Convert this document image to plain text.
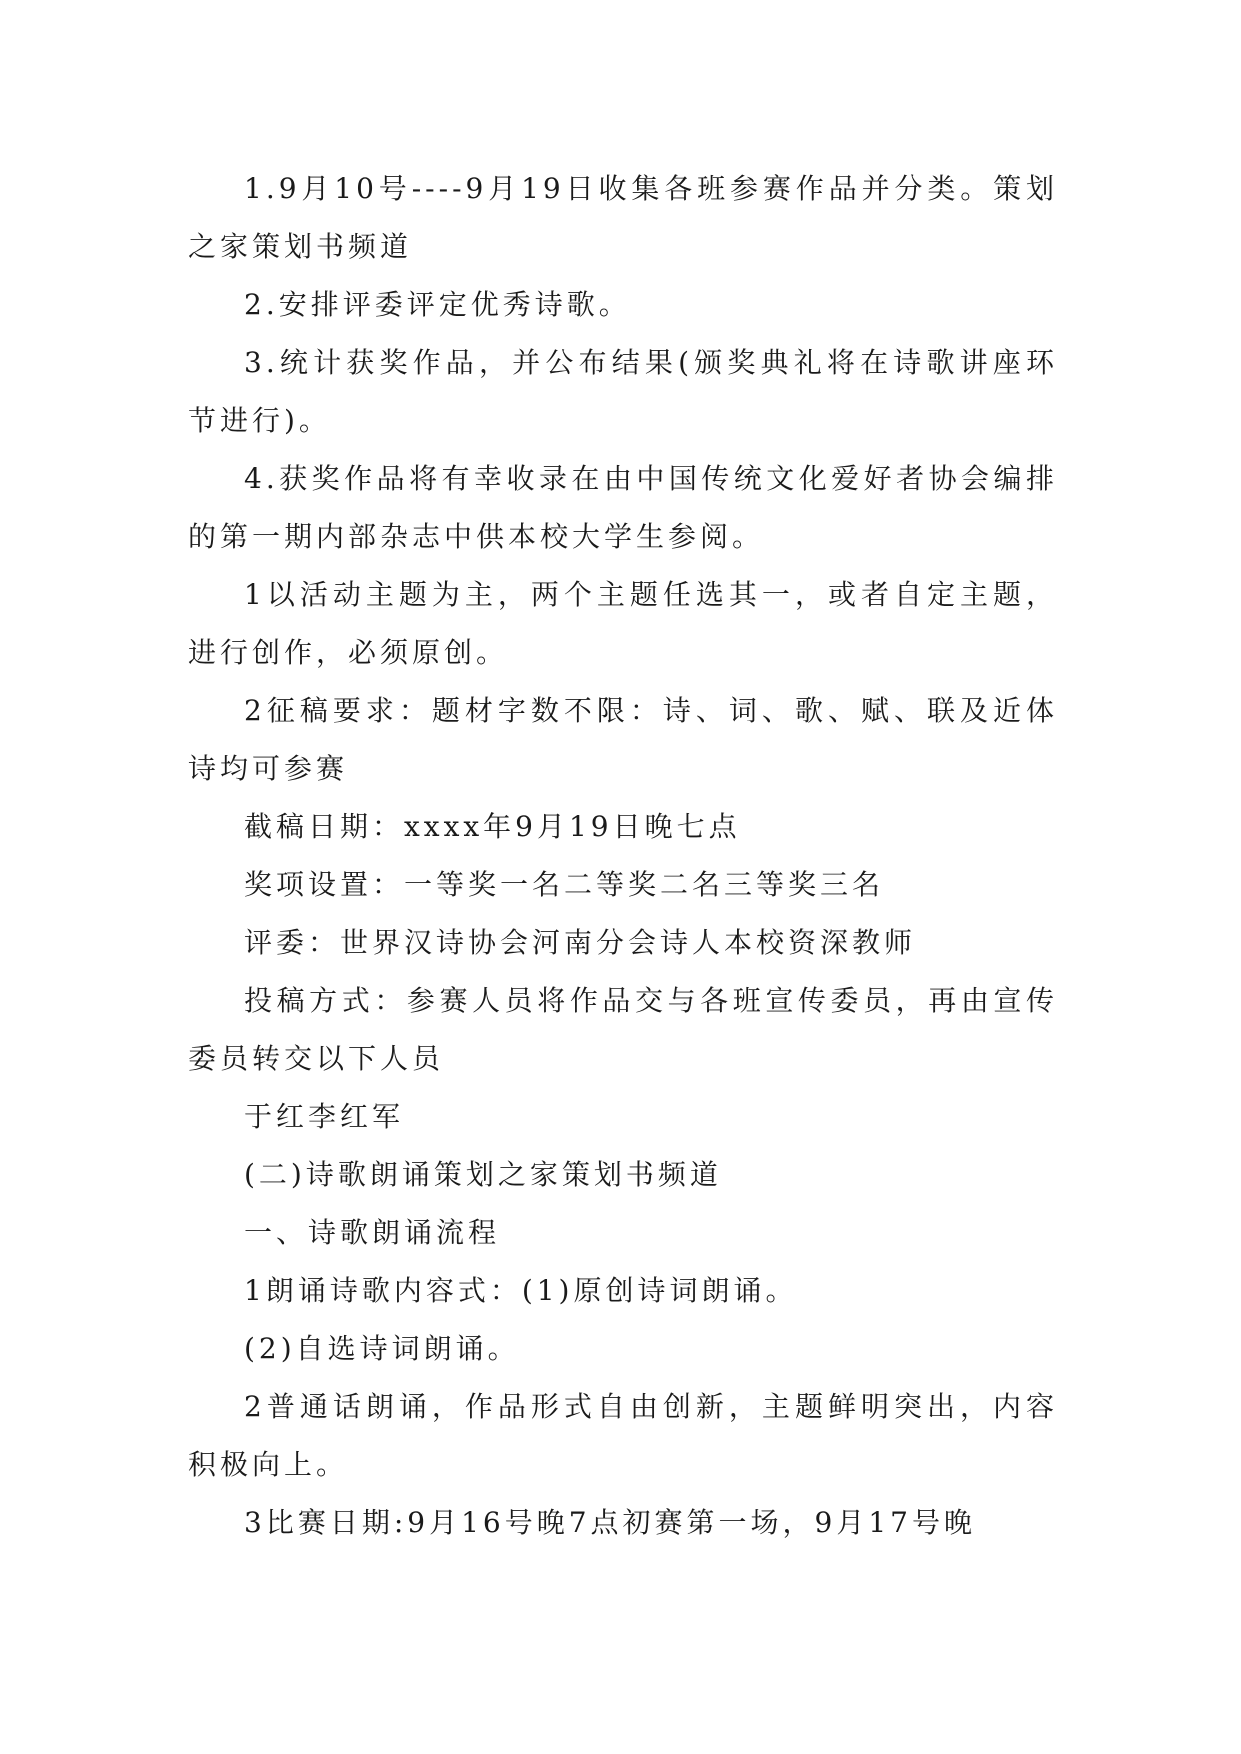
1.9月10号----9月19日收集各班参赛作品并分类。策划之家策划书频道

2.安排评委评定优秀诗歌。

3.统计获奖作品，并公布结果(颁奖典礼将在诗歌讲座环节进行)。

4.获奖作品将有幸收录在由中国传统文化爱好者协会编排的第一期内部杂志中供本校大学生参阅。

1以活动主题为主，两个主题任选其一，或者自定主题，进行创作，必须原创。

2征稿要求：题材字数不限：诗、词、歌、赋、联及近体诗均可参赛

截稿日期：xxxx年9月19日晚七点

奖项设置：一等奖一名二等奖二名三等奖三名

评委：世界汉诗协会河南分会诗人本校资深教师

投稿方式：参赛人员将作品交与各班宣传委员，再由宣传委员转交以下人员

于红李红军

(二)诗歌朗诵策划之家策划书频道

一、诗歌朗诵流程

1朗诵诗歌内容式：(1)原创诗词朗诵。

(2)自选诗词朗诵。

2普通话朗诵，作品形式自由创新，主题鲜明突出，内容积极向上。

3比赛日期:9月16号晚7点初赛第一场，9月17号晚
